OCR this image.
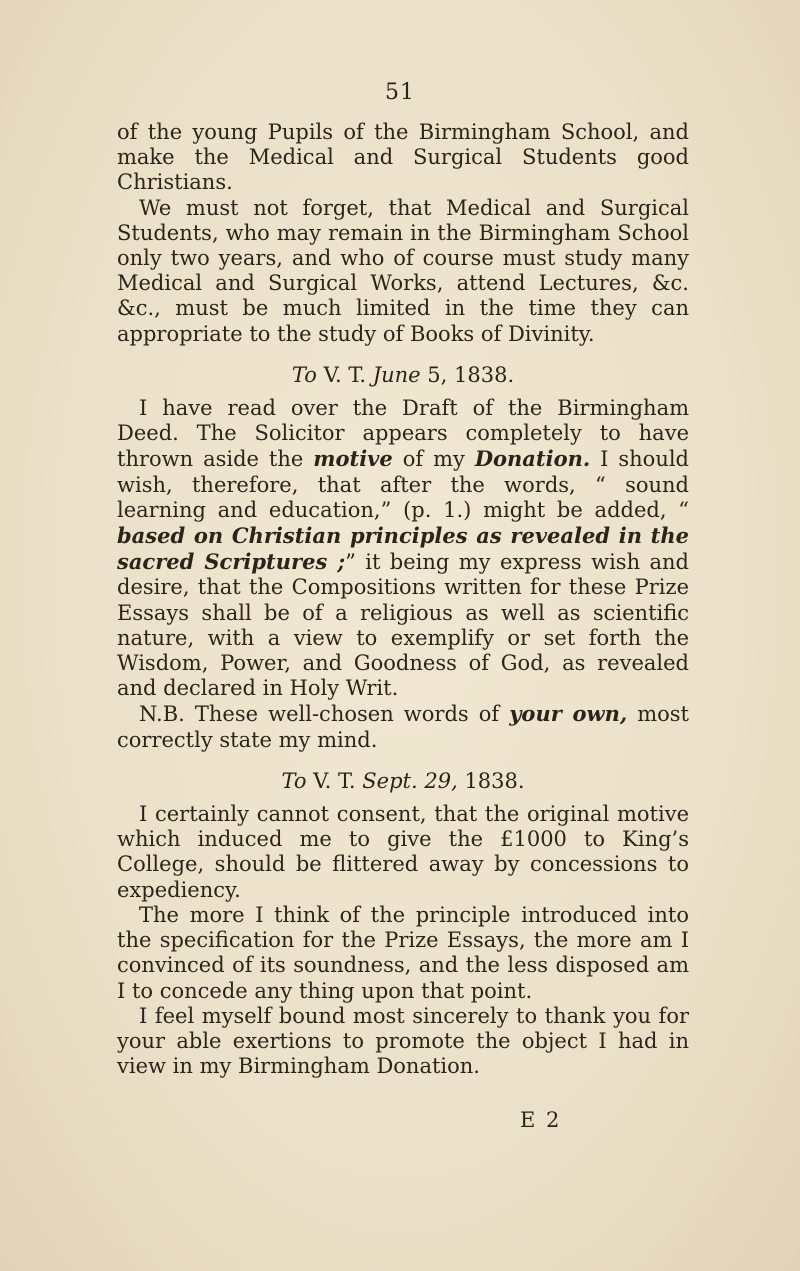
51

of the young Pupils of the Birmingham School, and make the Medical and Surgical Students good Christians.

We must not forget, that Medical and Surgical Students, who may remain in the Birmingham School only two years, and who of course must study many Medical and Surgical Works, attend Lectures, &c. &c., must be much limited in the time they can appropriate to the study of Books of Divinity.

To V. T. June 5, 1838.

I have read over the Draft of the Birmingham Deed. The Solicitor appears completely to have thrown aside the motive of my Donation. I should wish, therefore, that after the words, “ sound learning and education,” (p. 1.) might be added, “ based on Christian principles as revealed in the sacred Scriptures ;” it being my express wish and desire, that the Compositions written for these Prize Essays shall be of a religious as well as scientific nature, with a view to exemplify or set forth the Wisdom, Power, and Goodness of God, as revealed and declared in Holy Writ.

N.B. These well-chosen words of your own, most correctly state my mind.

To V. T. Sept. 29, 1838.

I certainly cannot consent, that the original motive which induced me to give the £1000 to King’s College, should be flittered away by concessions to expediency.

The more I think of the principle introduced into the specification for the Prize Essays, the more am I convinced of its soundness, and the less disposed am I to concede any thing upon that point.

I feel myself bound most sincerely to thank you for your able exertions to promote the object I had in view in my Birmingham Donation.

E 2
